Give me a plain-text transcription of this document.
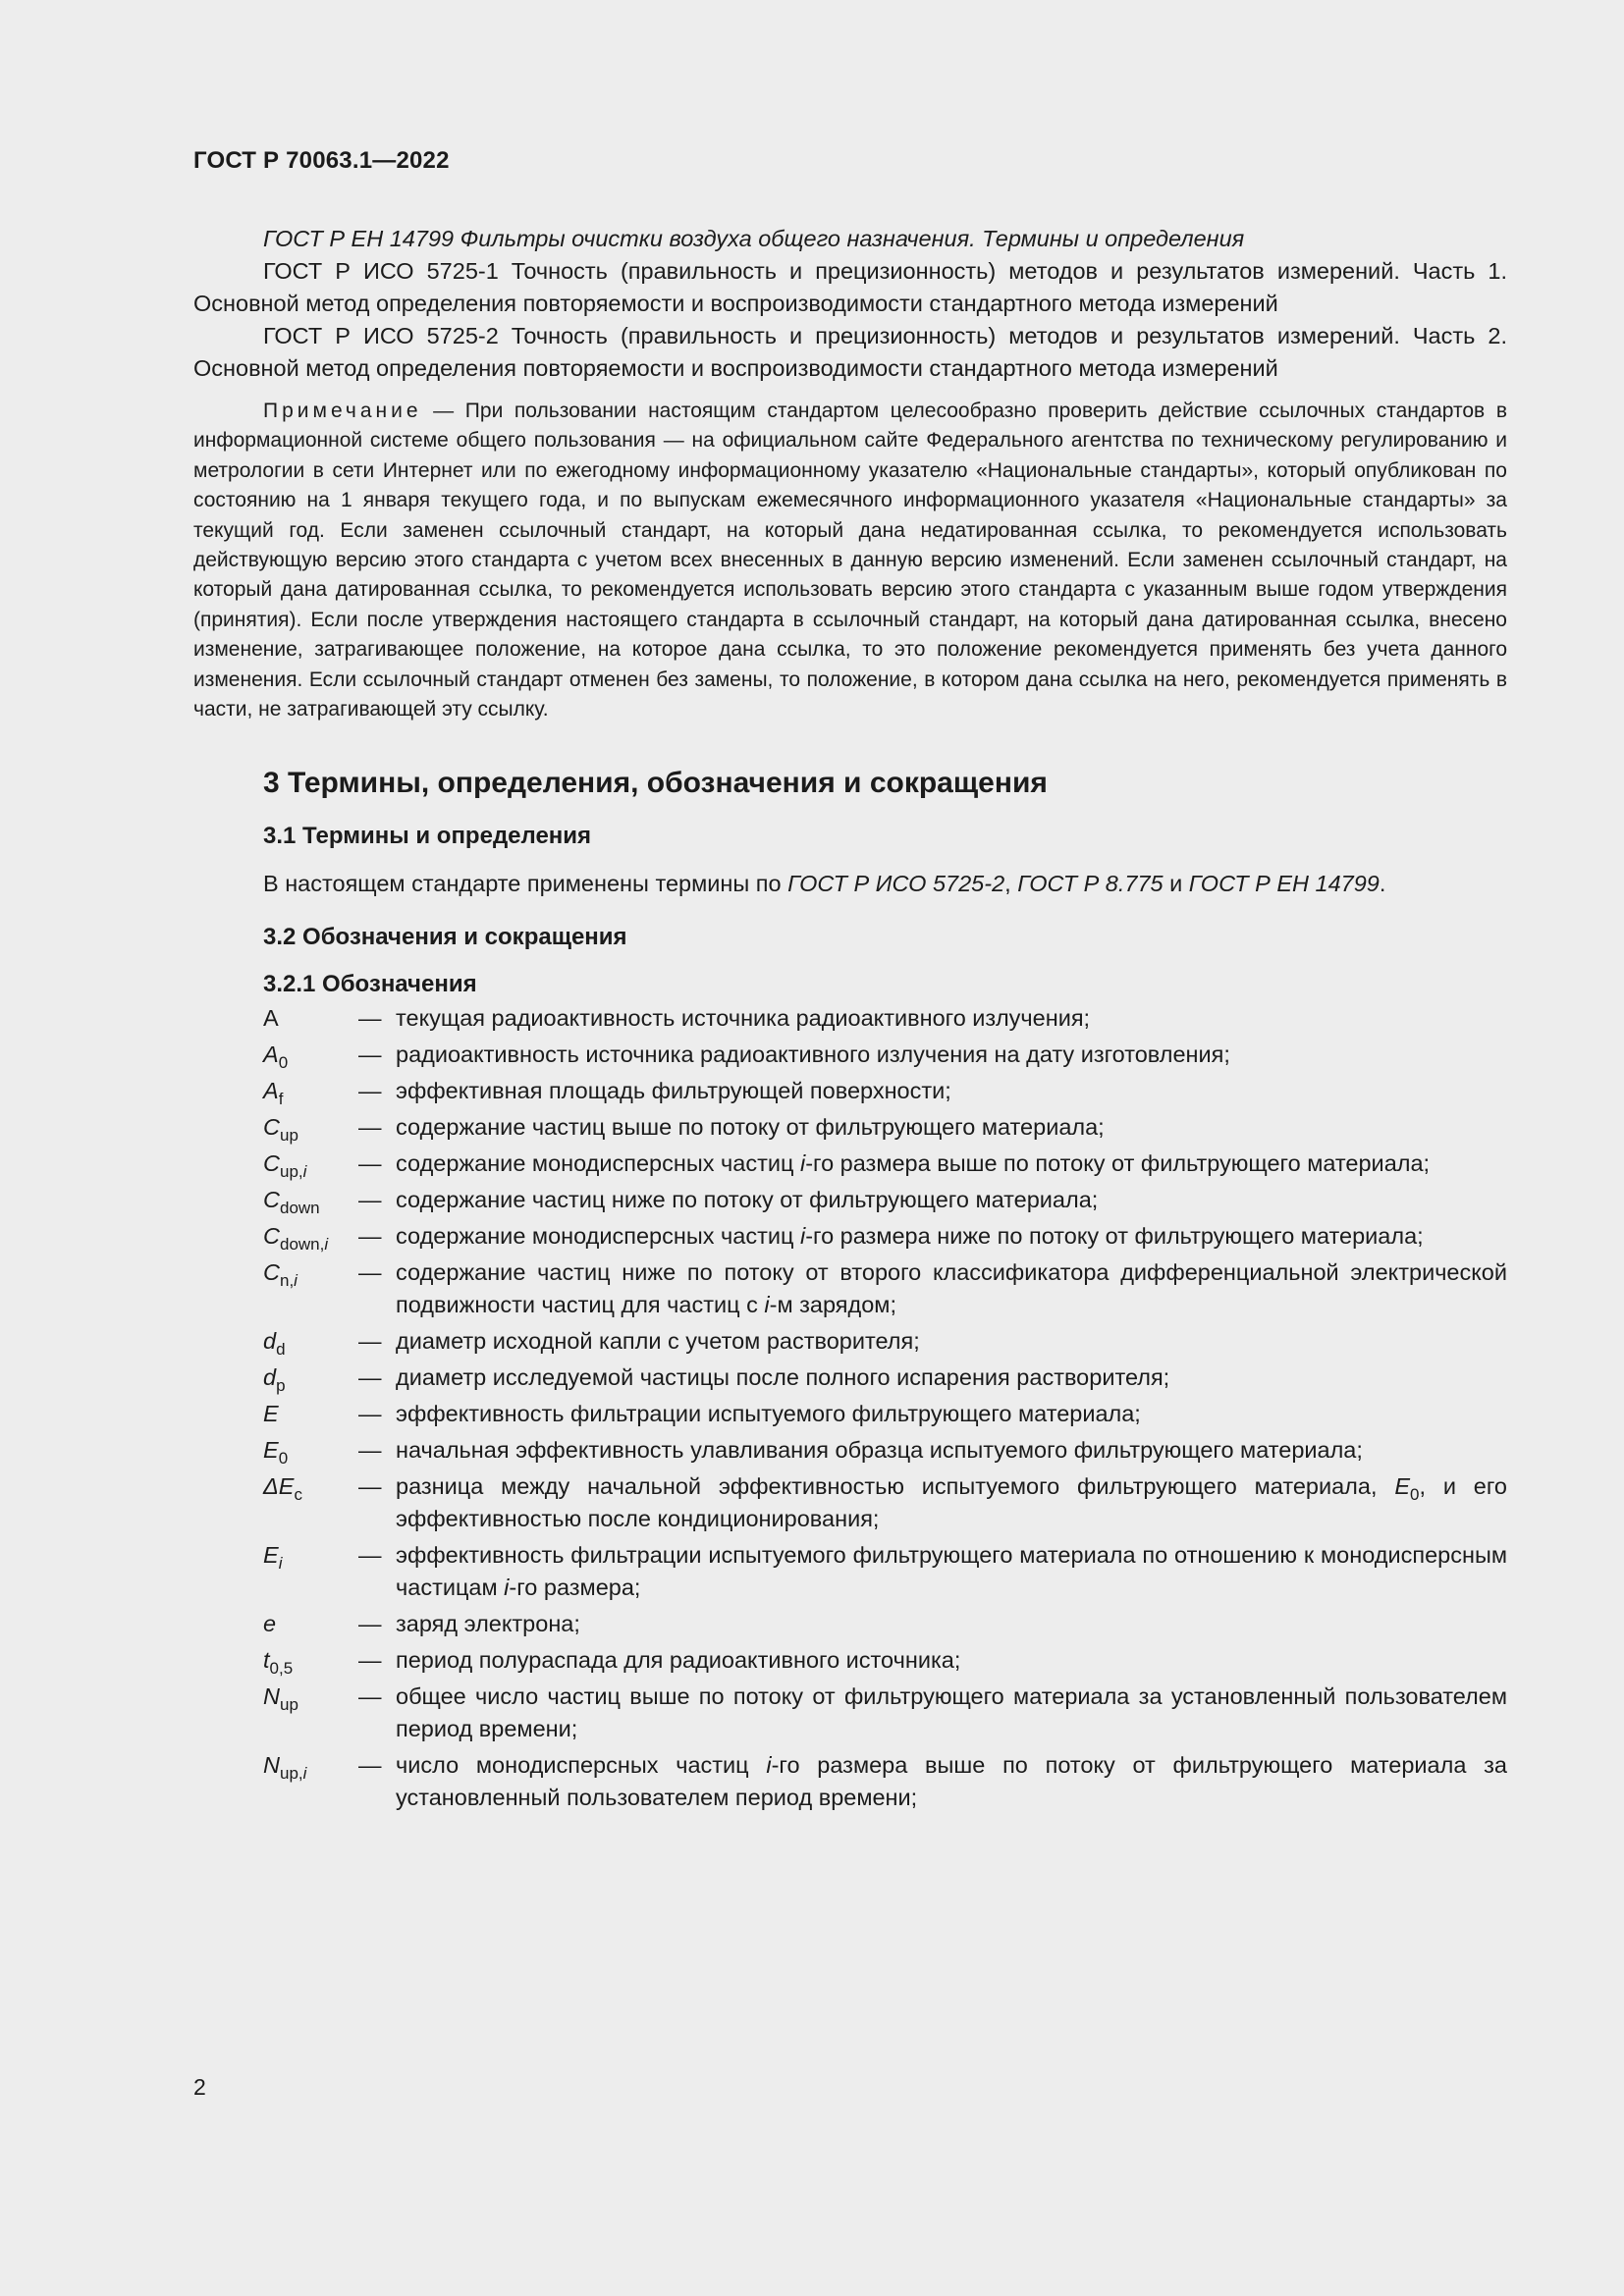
ГОСТ Р 70063.1—2022

ГОСТ Р ЕН 14799 Фильтры очистки воздуха общего назначения. Термины и определения

ГОСТ Р ИСО 5725-1 Точность (правильность и прецизионность) методов и результатов измерений. Часть 1. Основной метод определения повторяемости и воспроизводимости стандартного метода измерений

ГОСТ Р ИСО 5725-2 Точность (правильность и прецизионность) методов и результатов измерений. Часть 2. Основной метод определения повторяемости и воспроизводимости стандартного метода измерений

Примечание — При пользовании настоящим стандартом целесообразно проверить действие ссылочных стандартов в информационной системе общего пользования — на официальном сайте Федерального агентства по техническому регулированию и метрологии в сети Интернет или по ежегодному информационному указателю «Национальные стандарты», который опубликован по состоянию на 1 января текущего года, и по выпускам ежемесячного информационного указателя «Национальные стандарты» за текущий год. Если заменен ссылочный стандарт, на который дана недатированная ссылка, то рекомендуется использовать действующую версию этого стандарта с учетом всех внесенных в данную версию изменений. Если заменен ссылочный стандарт, на который дана датированная ссылка, то рекомендуется использовать версию этого стандарта с указанным выше годом утверждения (принятия). Если после утверждения настоящего стандарта в ссылочный стандарт, на который дана датированная ссылка, внесено изменение, затрагивающее положение, на которое дана ссылка, то это положение рекомендуется применять без учета данного изменения. Если ссылочный стандарт отменен без замены, то положение, в котором дана ссылка на него, рекомендуется применять в части, не затрагивающей эту ссылку.

3 Термины, определения, обозначения и сокращения
3.1 Термины и определения

В настоящем стандарте применены термины по ГОСТ Р ИСО 5725-2, ГОСТ Р 8.775 и ГОСТ Р ЕН 14799.

3.2 Обозначения и сокращения
3.2.1 Обозначения
A	— текущая радиоактивность источника радиоактивного излучения;
$A_0$	— радиоактивность источника радиоактивного излучения на дату изготовления;
$A_f$	— эффективная площадь фильтрующей поверхности;
$C_{up}$	— содержание частиц выше по потоку от фильтрующего материала;
$C_{up,i}$	— содержание монодисперсных частиц i-го размера выше по потоку от фильтрующего материала;
$C_{down}$	— содержание частиц ниже по потоку от фильтрующего материала;
$C_{down,i}$	— содержание монодисперсных частиц i-го размера ниже по потоку от фильтрующего материала;
$C_{n,i}$	— содержание частиц ниже по потоку от второго классификатора дифференциальной электрической подвижности частиц для частиц с i-м зарядом;
$d_d$	— диаметр исходной капли с учетом растворителя;
$d_p$	— диаметр исследуемой частицы после полного испарения растворителя;
E	— эффективность фильтрации испытуемого фильтрующего материала;
$E_0$	— начальная эффективность улавливания образца испытуемого фильтрующего материала;
$\Delta E_c$	— разница между начальной эффективностью испытуемого фильтрующего материала, $E_0$, и его эффективностью после кондиционирования;
$E_i$	— эффективность фильтрации испытуемого фильтрующего материала по отношению к монодисперсным частицам i-го размера;
e	— заряд электрона;
$t_{0,5}$	— период полураспада для радиоактивного источника;
$N_{up}$	— общее число частиц выше по потоку от фильтрующего материала за установленный пользователем период времени;
$N_{up,i}$	— число монодисперсных частиц i-го размера выше по потоку от фильтрующего материала за установленный пользователем период времени;
2
